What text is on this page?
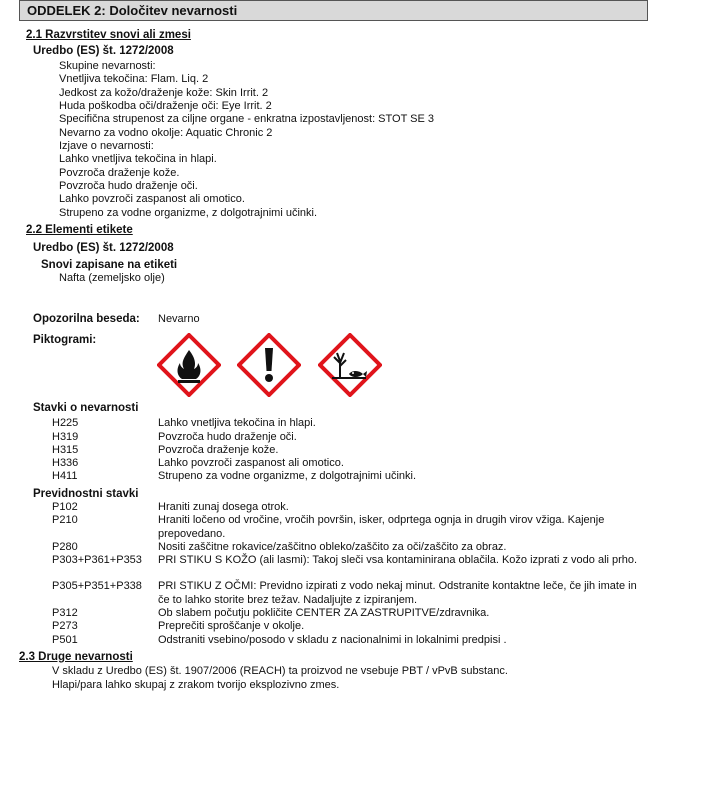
ODDELEK 2: Določitev nevarnosti
2.1 Razvrstitev snovi ali zmesi
Uredbo (ES) št. 1272/2008
Skupine nevarnosti:
Vnetljiva tekočina: Flam. Liq. 2
Jedkost za kožo/draženje kože: Skin Irrit. 2
Huda poškodba oči/draženje oči: Eye Irrit. 2
Specifična strupenost za ciljne organe - enkratna izpostavljenost: STOT SE 3
Nevarno za vodno okolje: Aquatic Chronic 2
Izjave o nevarnosti:
Lahko vnetljiva tekočina in hlapi.
Povzroča draženje kože.
Povzroča hudo draženje oči.
Lahko povzroči zaspanost ali omotico.
Strupeno za vodne organizme, z dolgotrajnimi učinki.
2.2 Elementi etikete
Uredbo (ES) št. 1272/2008
Snovi zapisane na etiketi
Nafta (zemeljsko olje)
Opozorilna beseda: Nevarno
Piktogrami:
Stavki o nevarnosti
H225	Lahko vnetljiva tekočina in hlapi.
H319	Povzroča hudo draženje oči.
H315	Povzroča draženje kože.
H336	Lahko povzroči zaspanost ali omotico.
H411	Strupeno za vodne organizme, z dolgotrajnimi učinki.
Previdnostni stavki
P102	Hraniti zunaj dosega otrok.
P210	Hraniti ločeno od vročine, vročih površin, isker, odprtega ognja in drugih virov vžiga. Kajenje prepovedano.
P280	Nositi zaščitne rokavice/zaščitno obleko/zaščito za oči/zaščito za obraz.
P303+P361+P353 PRI STIKU S KOŽO (ali lasmi): Takoj sleči vsa kontaminirana oblačila. Kožo izprati z vodo ali prho.
P305+P351+P338 PRI STIKU Z OČMI: Previdno izpirati z vodo nekaj minut. Odstranite kontaktne leče, če jih imate in če to lahko storite brez težav. Nadaljujte z izpiranjem.
P312	Ob slabem počutju pokličite CENTER ZA ZASTRUPITVE/zdravnika.
P273	Preprečiti sproščanje v okolje.
P501	Odstraniti vsebino/posodo v skladu z nacionalnimi in lokalnimi predpisi .
2.3 Druge nevarnosti
V skladu z Uredbo (ES) št. 1907/2006 (REACH) ta proizvod ne vsebuje PBT / vPvB substanc.
Hlapi/para lahko skupaj z zrakom tvorijo eksplozivno zmes.
